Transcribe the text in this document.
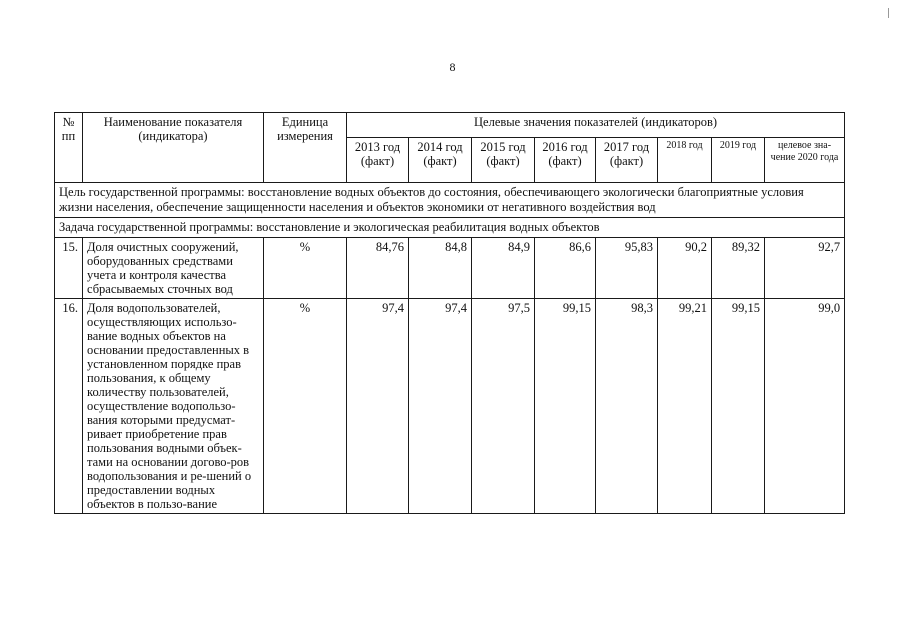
8
№ пп	Наименование показателя (индикатора)	Единица измерения	Целевые значения показателей (индикаторов)							
			2013 год (факт)	2014 год (факт)	2015 год (факт)	2016 год (факт)	2017 год (факт)	2018 год	2019 год	целевое зна-чение 2020 года
Цель государственной программы: восстановление водных объектов до состояния, обеспечивающего экологически благоприятные условия жизни населения, обеспечение защищенности населения и объектов экономики от негативного воздействия вод										
Задача государственной программы: восстановление и экологическая реабилитация водных объектов										
15.	Доля очистных сооружений, оборудованных средствами учета и контроля качества сбрасываемых сточных вод	%	84,76	84,8	84,9	86,6	95,83	90,2	89,32	92,7
16.	Доля водопользователей, осуществляющих использо-вание водных объектов на основании предоставленных в установленном порядке прав пользования, к общему количеству пользователей, осуществление водопользо-вания которыми предусмат-ривает приобретение прав пользования водными объек-тами на основании догово-ров водопользования и ре-шений о предоставлении водных объектов в пользо-вание	%	97,4	97,4	97,5	99,15	98,3	99,21	99,15	99,0
